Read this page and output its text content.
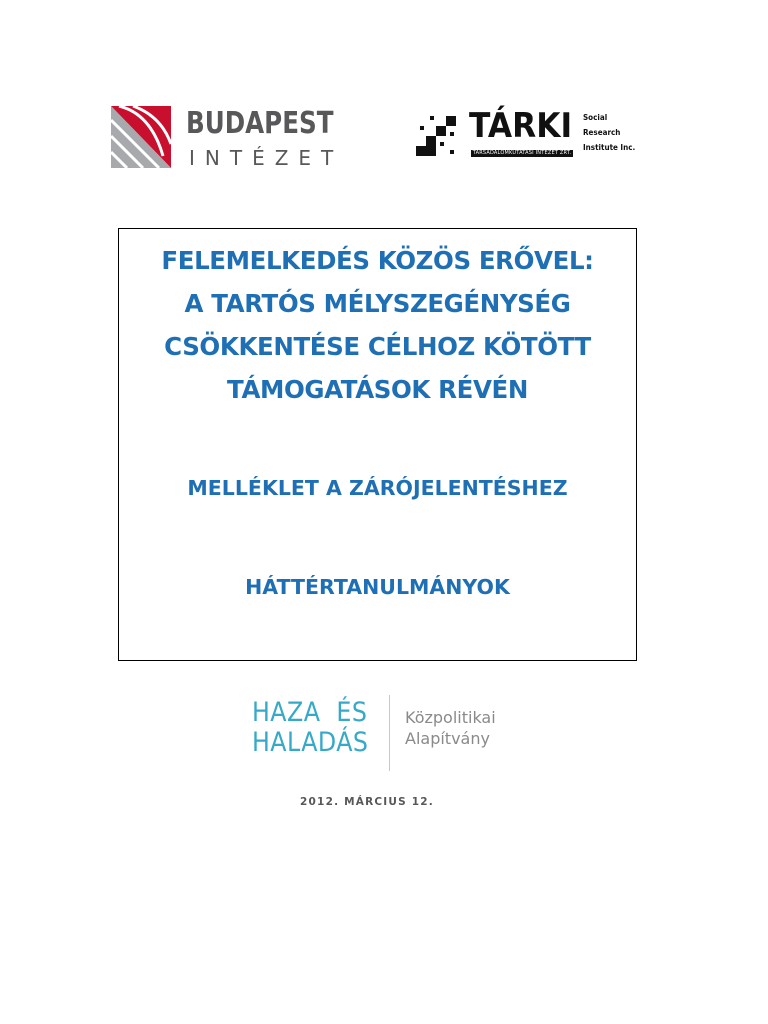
BUDAPEST
INTÉZET
TÁRKI
TÁRSADALOMKUTATÁSI INTÉZET ZRT.
Social
Research
Institute Inc.
FELEMELKEDÉS KÖZÖS ERŐVEL:
A TARTÓS MÉLYSZEGÉNYSÉG
CSÖKKENTÉSE CÉLHOZ KÖTÖTT
TÁMOGATÁSOK RÉVÉN
MELLÉKLET A ZÁRÓJELENTÉSHEZ
HÁTTÉRTANULMÁNYOK
HAZA  ÉS
HALADÁS
Közpolitikai
Alapítvány
2012. MÁRCIUS 12.
